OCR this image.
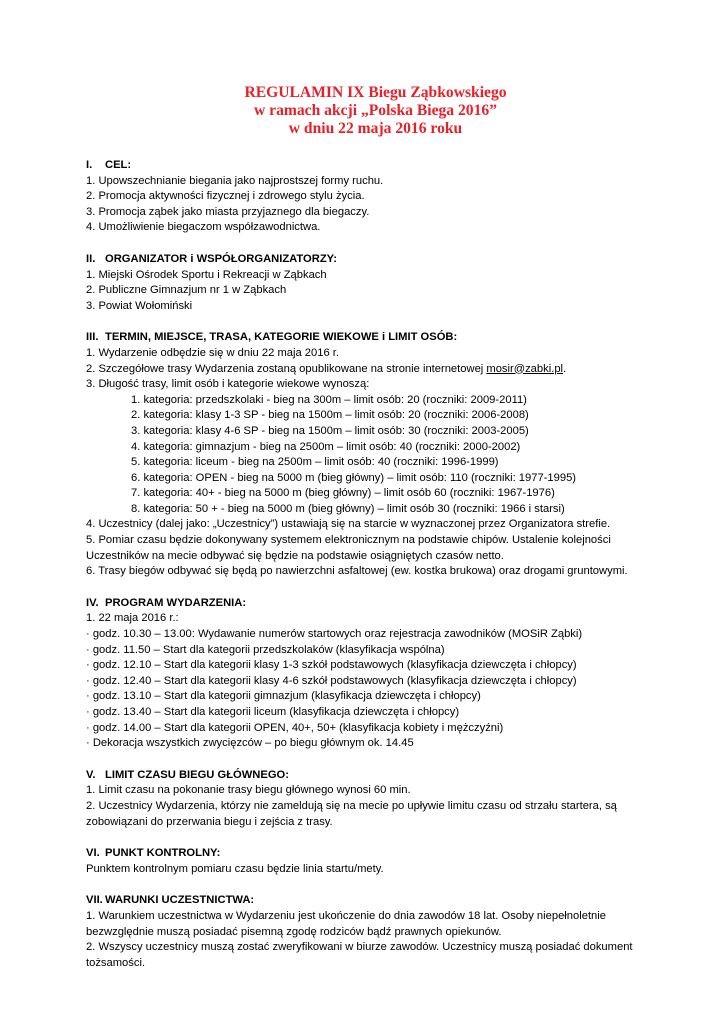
REGULAMIN IX Biegu Ząbkowskiego
w ramach akcji „Polska Biega 2016”
w dniu 22 maja 2016 roku
I. CEL:
1. Upowszechnianie biegania jako najprostszej formy ruchu.
2. Promocja aktywności fizycznej i zdrowego stylu życia.
3. Promocja ząbek jako miasta przyjaznego dla biegaczy.
4. Umożliwienie biegaczom współzawodnictwa.
II. ORGANIZATOR i WSPÓŁORGANIZATORZY:
1. Miejski Ośrodek Sportu i Rekreacji w Ząbkach
2. Publiczne Gimnazjum nr 1 w Ząbkach
3. Powiat Wołomiński
III. TERMIN, MIEJSCE, TRASA, KATEGORIE WIEKOWE i LIMIT OSÓB:
1. Wydarzenie odbędzie się w dniu 22 maja 2016 r.
2. Szczegółowe trasy Wydarzenia zostaną opublikowane na stronie internetowej mosir@zabki.pl.
3. Długość trasy, limit osób i kategorie wiekowe wynoszą:
1. kategoria: przedszkolaki - bieg na 300m – limit osób: 20 (roczniki: 2009-2011)
2. kategoria: klasy 1-3 SP - bieg na 1500m – limit osób: 20 (roczniki: 2006-2008)
3. kategoria: klasy 4-6 SP - bieg na 1500m – limit osób: 30 (roczniki: 2003-2005)
4. kategoria: gimnazjum - bieg na 2500m – limit osób: 40 (roczniki: 2000-2002)
5. kategoria: liceum - bieg na 2500m – limit osób: 40 (roczniki: 1996-1999)
6. kategoria: OPEN - bieg na 5000 m (bieg główny) – limit osób: 110 (roczniki: 1977-1995)
7. kategoria: 40+ - bieg na 5000 m (bieg główny) – limit osób 60 (roczniki: 1967-1976)
8. kategoria: 50 + - bieg na 5000 m (bieg główny) – limit osób 30 (roczniki: 1966 i starsi)
4. Uczestnicy (dalej jako: „Uczestnicy”) ustawiają się na starcie w wyznaczonej przez Organizatora strefie.
5. Pomiar czasu będzie dokonywany systemem elektronicznym na podstawie chipów. Ustalenie kolejności
Uczestników na mecie odbywać się będzie na podstawie osiągniętych czasów netto.
6. Trasy biegów odbywać się będą po nawierzchni asfaltowej (ew. kostka brukowa) oraz drogami gruntowymi.
IV. PROGRAM WYDARZENIA:
1. 22 maja 2016 r.:
· godz. 10.30 – 13.00: Wydawanie numerów startowych oraz rejestracja zawodników (MOSiR Ząbki)
· godz. 11.50 – Start dla kategorii przedszkolaków (klasyfikacja wspólna)
· godz. 12.10 – Start dla kategorii klasy 1-3 szkół podstawowych (klasyfikacja dziewczęta i chłopcy)
· godz. 12.40 – Start dla kategorii klasy 4-6 szkół podstawowych (klasyfikacja dziewczęta i chłopcy)
· godz. 13.10 – Start dla kategorii gimnazjum (klasyfikacja dziewczęta i chłopcy)
· godz. 13.40 – Start dla kategorii liceum (klasyfikacja dziewczęta i chłopcy)
· godz. 14.00 – Start dla kategorii OPEN, 40+, 50+ (klasyfikacja kobiety i mężczyźni)
· Dekoracja wszystkich zwycięzców – po biegu głównym ok. 14.45
V. LIMIT CZASU BIEGU GŁÓWNEGO:
1. Limit czasu na pokonanie trasy biegu głównego wynosi 60 min.
2. Uczestnicy Wydarzenia, którzy nie zameldują się na mecie po upływie limitu czasu od strzału startera, są
zobowiązani do przerwania biegu i zejścia z trasy.
VI. PUNKT KONTROLNY:
Punktem kontrolnym pomiaru czasu będzie linia startu/mety.
VII. WARUNKI UCZESTNICTWA:
1. Warunkiem uczestnictwa w Wydarzeniu jest ukończenie do dnia zawodów 18 lat. Osoby niepełnoletnie
bezwzględnie muszą posiadać pisemną zgodę rodziców bądź prawnych opiekunów.
2. Wszyscy uczestnicy muszą zostać zweryfikowani w biurze zawodów. Uczestnicy muszą posiadać dokument
tożsamości.
